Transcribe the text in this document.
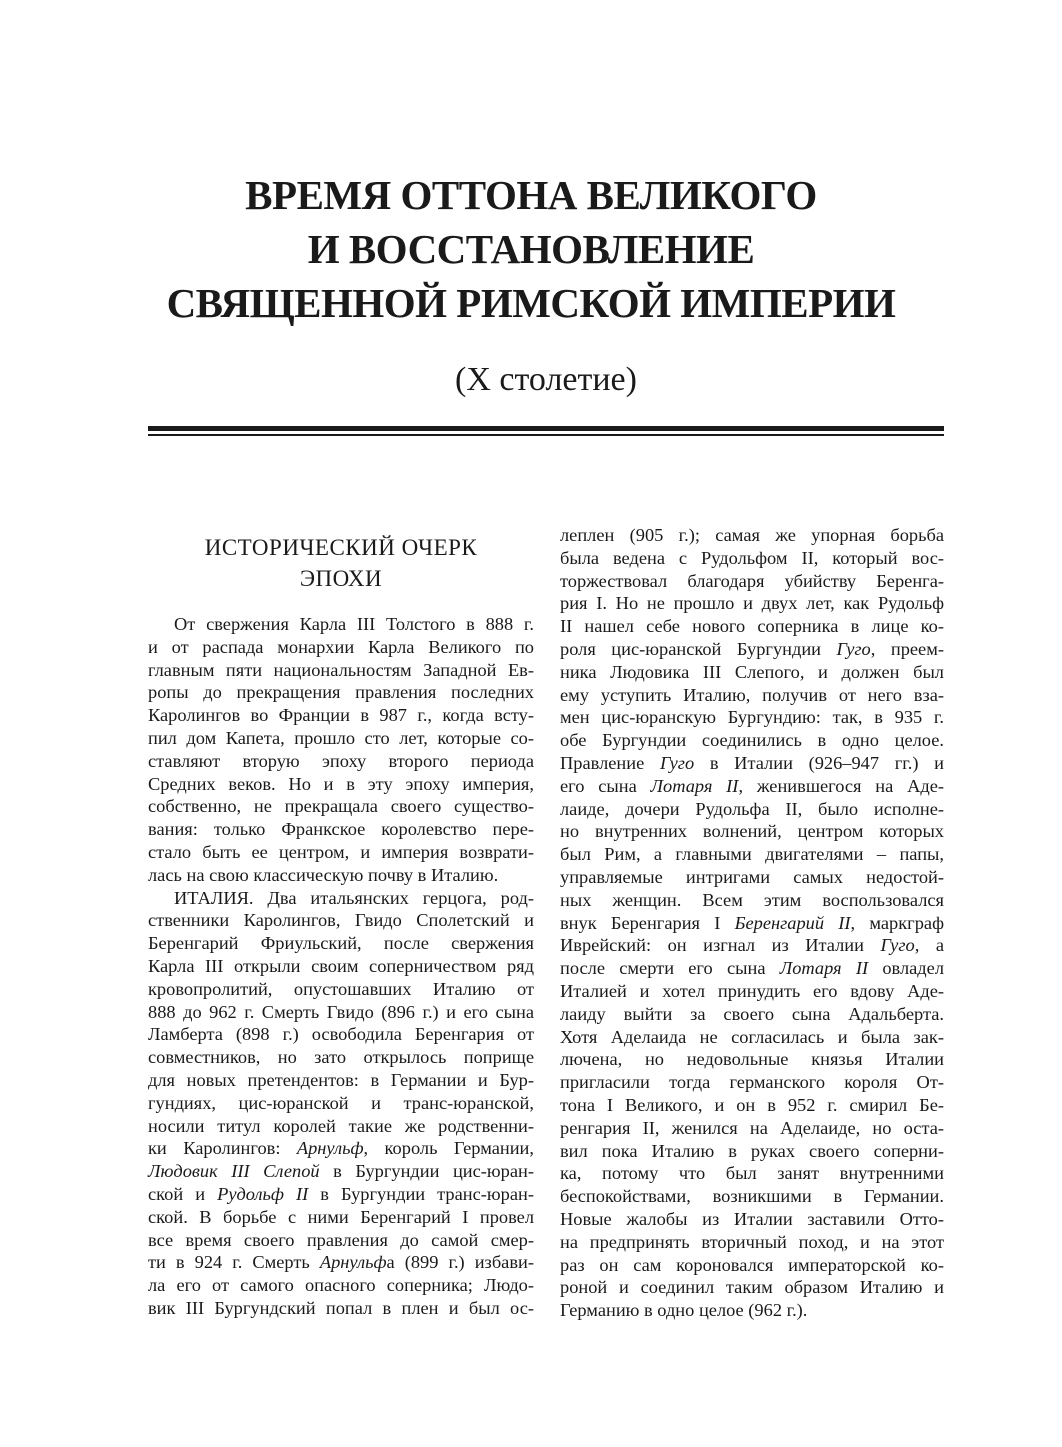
ВРЕМЯ ОТТОНА ВЕЛИКОГО
И ВОССТАНОВЛЕНИЕ
СВЯЩЕННОЙ РИМСКОЙ ИМПЕРИИ
(X столетие)
ИСТОРИЧЕСКИЙ ОЧЕРК
ЭПОХИ
От свержения Карла III Толстого в 888 г.
и от распада монархии Карла Великого по
главным пяти национальностям Западной Ев-
ропы до прекращения правления последних
Каролингов во Франции в 987 г., когда всту-
пил дом Капета, прошло сто лет, которые со-
ставляют вторую эпоху второго периода
Средних веков. Но и в эту эпоху империя,
собственно, не прекращала своего существо-
вания: только Франкское королевство пере-
стало быть ее центром, и империя возврати-
лась на свою классическую почву в Италию.
ИТАЛИЯ. Два итальянских герцога, род-
ственники Каролингов, Гвидо Сполетский и
Беренгарий Фриульский, после свержения
Карла III открыли своим соперничеством ряд
кровопролитий, опустошавших Италию от
888 до 962 г. Смерть Гвидо (896 г.) и его сына
Ламберта (898 г.) освободила Беренгария от
совместников, но зато открылось поприще
для новых претендентов: в Германии и Бур-
гундиях, цис-юранской и транс-юранской,
носили титул королей такие же родственни-
ки Каролингов: Арнульф, король Германии,
Людовик III Слепой в Бургундии цис-юран-
ской и Рудольф II в Бургундии транс-юран-
ской. В борьбе с ними Беренгарий I провел
все время своего правления до самой смер-
ти в 924 г. Смерть Арнульфа (899 г.) избави-
ла его от самого опасного соперника; Людо-
вик III Бургундский попал в плен и был ос-
леплен (905 г.); самая же упорная борьба
была ведена с Рудольфом II, который вос-
торжествовал благодаря убийству Беренга-
рия I. Но не прошло и двух лет, как Рудольф
II нашел себе нового соперника в лице ко-
роля цис-юранской Бургундии Гуго, преем-
ника Людовика III Слепого, и должен был
ему уступить Италию, получив от него вза-
мен цис-юранскую Бургундию: так, в 935 г.
обе Бургундии соединились в одно целое.
Правление Гуго в Италии (926–947 гг.) и
его сына Лотаря II, женившегося на Аде-
лаиде, дочери Рудольфа II, было исполне-
но внутренних волнений, центром которых
был Рим, а главными двигателями – папы,
управляемые интригами самых недостой-
ных женщин. Всем этим воспользовался
внук Беренгария I Беренгарий II, маркграф
Иврейский: он изгнал из Италии Гуго, а
после смерти его сына Лотаря II овладел
Италией и хотел принудить его вдову Аде-
лаиду выйти за своего сына Адальберта.
Хотя Аделаида не согласилась и была зак-
лючена, но недовольные князья Италии
пригласили тогда германского короля От-
тона I Великого, и он в 952 г. смирил Бе-
ренгария II, женился на Аделаиде, но оста-
вил пока Италию в руках своего соперни-
ка, потому что был занят внутренними
беспокойствами, возникшими в Германии.
Новые жалобы из Италии заставили Отто-
на предпринять вторичный поход, и на этот
раз он сам короновался императорской ко-
роной и соединил таким образом Италию и
Германию в одно целое (962 г.).
